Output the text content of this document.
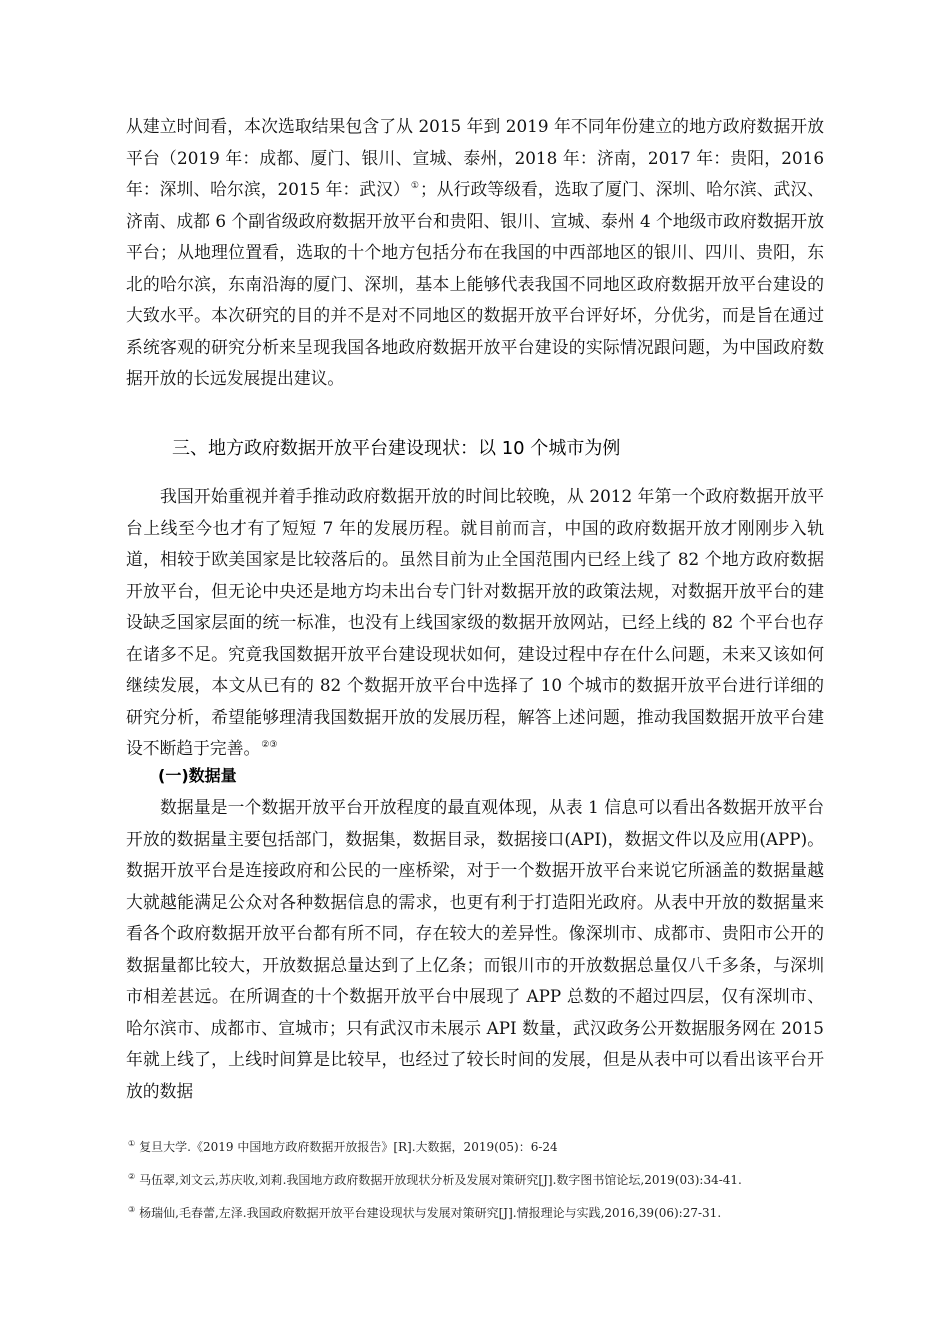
从建立时间看，本次选取结果包含了从 2015 年到 2019 年不同年份建立的地方政府数据开放平台（2019 年：成都、厦门、银川、宣城、泰州，2018 年：济南，2017 年：贵阳，2016 年：深圳、哈尔滨，2015 年：武汉）①；从行政等级看，选取了厦门、深圳、哈尔滨、武汉、济南、成都 6 个副省级政府数据开放平台和贵阳、银川、宣城、泰州 4 个地级市政府数据开放平台；从地理位置看，选取的十个地方包括分布在我国的中西部地区的银川、四川、贵阳，东北的哈尔滨，东南沿海的厦门、深圳，基本上能够代表我国不同地区政府数据开放平台建设的大致水平。本次研究的目的并不是对不同地区的数据开放平台评好坏，分优劣，而是旨在通过系统客观的研究分析来呈现我国各地政府数据开放平台建设的实际情况跟问题，为中国政府数据开放的长远发展提出建议。

三、地方政府数据开放平台建设现状：以 10 个城市为例

我国开始重视并着手推动政府数据开放的时间比较晚，从 2012 年第一个政府数据开放平台上线至今也才有了短短 7 年的发展历程。就目前而言，中国的政府数据开放才刚刚步入轨道，相较于欧美国家是比较落后的。虽然目前为止全国范围内已经上线了 82 个地方政府数据开放平台，但无论中央还是地方均未出台专门针对数据开放的政策法规，对数据开放平台的建设缺乏国家层面的统一标准，也没有上线国家级的数据开放网站，已经上线的 82 个平台也存在诸多不足。究竟我国数据开放平台建设现状如何，建设过程中存在什么问题，未来又该如何继续发展，本文从已有的 82 个数据开放平台中选择了 10 个城市的数据开放平台进行详细的研究分析，希望能够理清我国数据开放的发展历程，解答上述问题，推动我国数据开放平台建设不断趋于完善。②③

(一)数据量

数据量是一个数据开放平台开放程度的最直观体现，从表 1 信息可以看出各数据开放平台开放的数据量主要包括部门，数据集，数据目录，数据接口(API)，数据文件以及应用(APP)。数据开放平台是连接政府和公民的一座桥梁，对于一个数据开放平台来说它所涵盖的数据量越大就越能满足公众对各种数据信息的需求，也更有利于打造阳光政府。从表中开放的数据量来看各个政府数据开放平台都有所不同，存在较大的差异性。像深圳市、成都市、贵阳市公开的数据量都比较大，开放数据总量达到了上亿条；而银川市的开放数据总量仅八千多条，与深圳市相差甚远。在所调查的十个数据开放平台中展现了 APP 总数的不超过四层，仅有深圳市、哈尔滨市、成都市、宣城市；只有武汉市未展示 API 数量，武汉政务公开数据服务网在 2015 年就上线了，上线时间算是比较早，也经过了较长时间的发展，但是从表中可以看出该平台开放的数据

① 复旦大学.《2019 中国地方政府数据开放报告》[R].大数据，2019(05)：6-24
② 马伍翠,刘文云,苏庆收,刘莉.我国地方政府数据开放现状分析及发展对策研究[J].数字图书馆论坛,2019(03):34-41.
③ 杨瑞仙,毛春蕾,左泽.我国政府数据开放平台建设现状与发展对策研究[J].情报理论与实践,2016,39(06):27-31.
